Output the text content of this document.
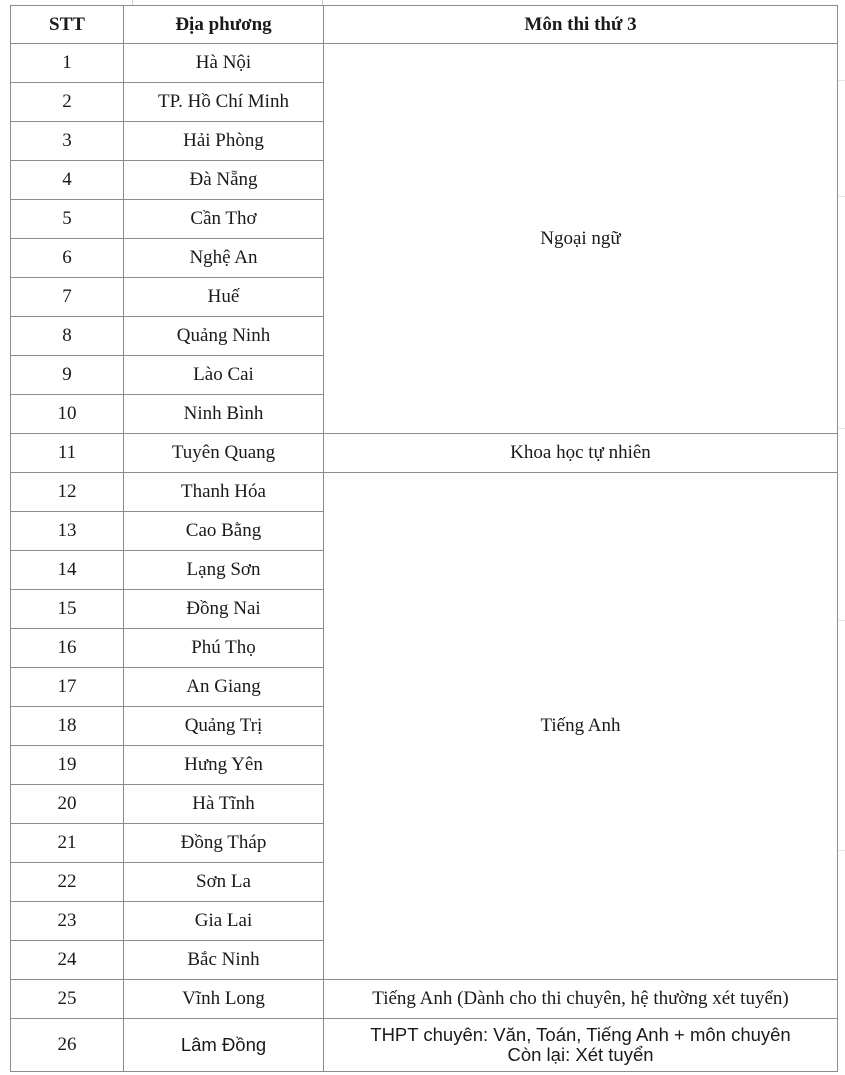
STT	Địa phương	Môn thi thứ 3
1	Hà Nội	Ngoại ngữ
2	TP. Hồ Chí Minh	
3	Hải Phòng	
4	Đà Nẵng	
5	Cần Thơ	
6	Nghệ An	
7	Huế	
8	Quảng Ninh	
9	Lào Cai	
10	Ninh Bình	
11	Tuyên Quang	Khoa học tự nhiên
12	Thanh Hóa	Tiếng Anh
13	Cao Bằng	
14	Lạng Sơn	
15	Đồng Nai	
16	Phú Thọ	
17	An Giang	
18	Quảng Trị	
19	Hưng Yên	
20	Hà Tĩnh	
21	Đồng Tháp	
22	Sơn La	
23	Gia Lai	
24	Bắc Ninh	
25	Vĩnh Long	Tiếng Anh (Dành cho thi chuyên, hệ thường xét tuyển)
26	Lâm Đồng	THPT chuyên: Văn, Toán, Tiếng Anh + môn chuyên
Còn lại: Xét tuyển
